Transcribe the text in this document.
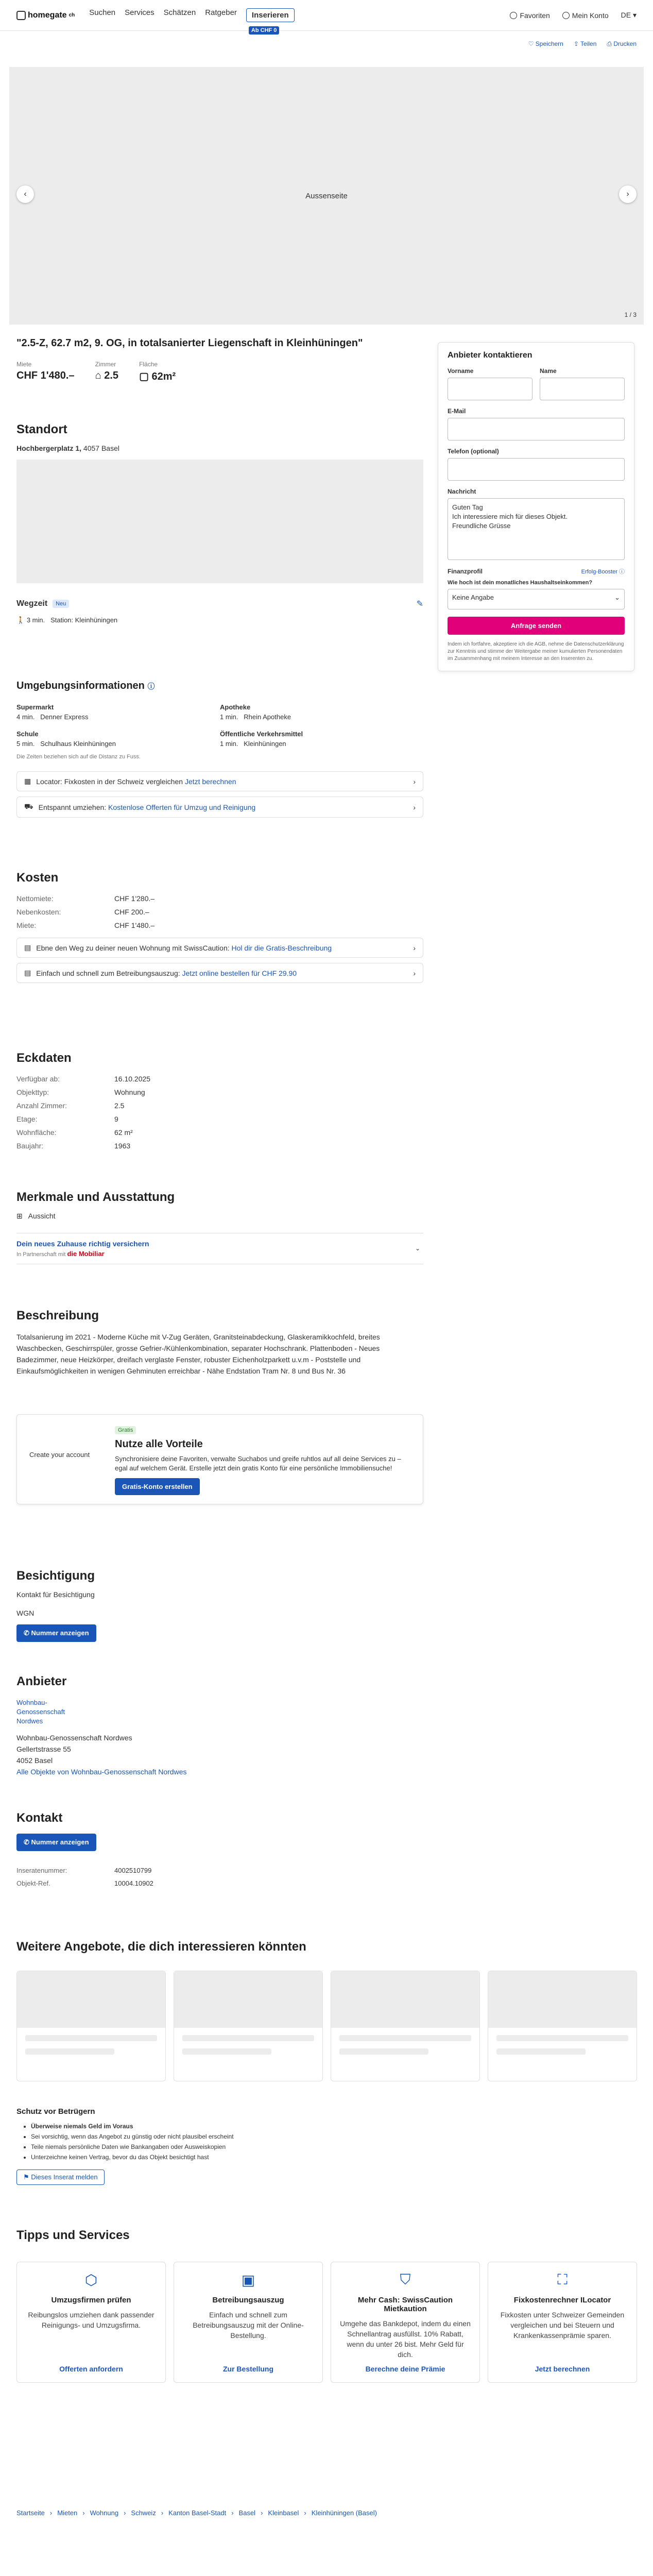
homegate ch Suchen Services Schätzen Ratgeber	Inserieren
Ab CHF 0
Favoriten	Mein Konto DE ▾
♡ Speichern ⇪ Teilen ⎙ Drucken
Aussenseite
‹	›
1 / 3
"2.5-Z, 62.7 m2, 9. OG, in totalsanierter Liegenschaft in Kleinhüningen"
Miete
CHF 1'480.–
Zimmer
⌂ 2.5
Fläche
▢ 62m²
Standort
Hochbergerplatz 1, 4057 Basel
Wegzeit	Neu	✎
🚶 3 min. Station: Kleinhüningen
Umgebungsinformationen ⓘ
Supermarkt
4 min. Denner Express
Apotheke
1 min. Rhein Apotheke
Schule
5 min. Schulhaus Kleinhüningen
Öffentliche Verkehrsmittel
1 min. Kleinhüningen
Die Zeiten beziehen sich auf die Distanz zu Fuss.
▦ Locator: Fixkosten in der Schweiz vergleichen Jetzt berechnen	›
⛟ Entspannt umziehen: Kostenlose Offerten für Umzug und Reinigung	›
Kosten
Nettomiete:	CHF 1'280.–
Nebenkosten:	CHF 200.–
Miete:	CHF 1'480.–
▤ Ebne den Weg zu deiner neuen Wohnung mit SwissCaution: Hol dir die Gratis-Beschreibung	›
▤ Einfach und schnell zum Betreibungsauszug: Jetzt online bestellen für CHF 29.90	›
Eckdaten
Verfügbar ab:	16.10.2025
Objekttyp:	Wohnung
Anzahl Zimmer:	2.5
Etage:	9
Wohnfläche:	62 m²
Baujahr:	1963
Merkmale und Ausstattung
⊞ Aussicht
Dein neues Zuhause richtig versichern
In Partnerschaft mit die Mobiliar
⌄
Beschreibung

Totalsanierung im 2021 - Moderne Küche mit V-Zug Geräten, Granitsteinabdeckung, Glaskeramikkochfeld, breites Waschbecken, Geschirrspüler, grosse Gefrier-/Kühlenkombination, separater Hochschrank. Plattenboden - Neues Badezimmer, neue Heizkörper, dreifach verglaste Fenster, robuster Eichenholzparkett u.v.m - Poststelle und Einkaufsmöglichkeiten in wenigen Gehminuten erreichbar - Nähe Endstation Tram Nr. 8 und Bus Nr. 36

Create your account
Gratis
Nutze alle Vorteile

Synchronisiere deine Favoriten, verwalte Suchabos und greife ruhtlos auf all deine Services zu – egal auf welchem Gerät. Erstelle jetzt dein gratis Konto für eine persönliche Immobiliensuche!

Gratis-Konto erstellen
Besichtigung
Kontakt für Besichtigung
WGN
✆ Nummer anzeigen
Anbieter
Wohnbau-Genossenschaft Nordwes
Wohnbau-Genossenschaft Nordwes
Gellertstrasse 55
4052 Basel
Alle Objekte von Wohnbau-Genossenschaft Nordwes
Kontakt
✆ Nummer anzeigen
Inseratenummer:	4002510799
Objekt-Ref.	10004.10902
Weitere Angebote, die dich interessieren könnten
Schutz vor Betrügern
• Überweise niemals Geld im Voraus
• Sei vorsichtig, wenn das Angebot zu günstig oder nicht plausibel erscheint
• Teile niemals persönliche Daten wie Bankangaben oder Ausweiskopien
• Unterzeichne keinen Vertrag, bevor du das Objekt besichtigt hast
⚑ Dieses Inserat melden
Tipps und Services
⬡
Umzugsfirmen prüfen
Reibungslos umziehen dank passender Reinigungs- und Umzugsfirma.
Offerten anfordern
▣
Betreibungsauszug
Einfach und schnell zum Betreibungsauszug mit der Online-Bestellung.
Zur Bestellung
⛉
Mehr Cash: SwissCaution Mietkaution
Umgehe das Bankdepot, indem du einen Schnellantrag ausfüllst. 10% Rabatt, wenn du unter 26 bist. Mehr Geld für dich.
Berechne deine Prämie
⛶
Fixkostenrechner ILocator
Fixkosten unter Schweizer Gemeinden vergleichen und bei Steuern und Krankenkassenprämie sparen.
Jetzt berechnen
Startseite › Mieten › Wohnung › Schweiz › Kanton Basel-Stadt › Basel › Kleinbasel › Kleinhüningen (Basel)
Anbieter kontaktieren
Vorname	Name
E-Mail
Telefon (optional)
Nachricht
Guten Tag
Ich interessiere mich für dieses Objekt.
Freundliche Grüsse
Finanzprofil	Erfolg-Booster ⓘ
Wie hoch ist dein monatliches Haushaltseinkommen?
Keine Angabe	⌄
Anfrage senden

Indem ich fortfahre, akzeptiere ich die AGB, nehme die Datenschutzerklärung zur Kenntnis und stimme der Weitergabe meiner kumulierten Personendaten im Zusammenhang mit meinem Interesse an den Inserenten zu.
